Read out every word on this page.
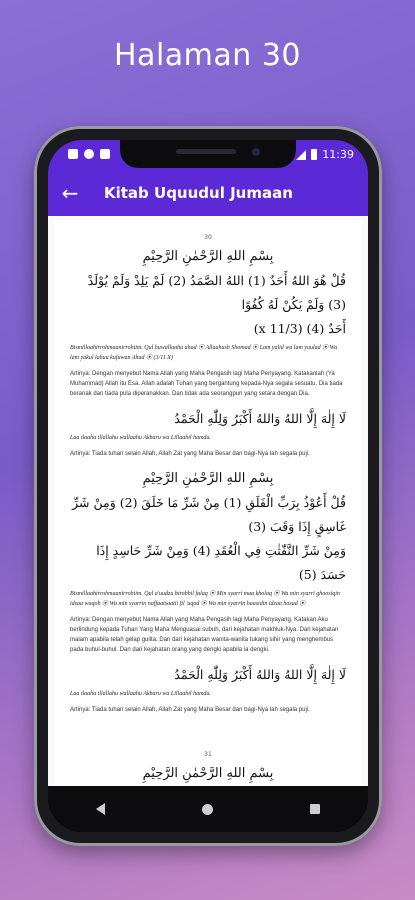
Halaman 30
11:39
←	Kitab Uquudul Jumaan
30
بِسْمِ اللهِ الرَّحْمٰنِ الرَّحِيْمِ
قُلْ هُوَ اللهُ أَحَدٌ (1) اللهُ الصَّمَدُ (2) لَمْ يَلِدْ وَلَمْ يُوْلَدْ (3) وَلَمْ يَكُنْ لَهُ كُفُوًا
أَحَدٌ (4) (x 11/3)
Bismillaahirrohmaanirrohiim. Qul huwallaahu ahad ⦿ Allaahush Shomad ⦿ Lam yalid wa lam yuulad ⦿ Wa lam yakul lahuu kufuwan Ahad ⦿ (3/11 X)
Artinya: Dengan menyebut Nama Allah yang Maha Pengasih lagi Maha Penyayang. Katakanlah (Ya Muhammad) Allah itu Esa. Allah adalah Tuhan yang bergantung kepada-Nya segala sesuatu. Dia tiada beranak dan tiada pula diperanakkan. Dan tidak ada seorangpun yang setara dengan Dia.
لَا إِلٰهَ إِلَّا اللهُ وَاللهُ أَكْبَرُ وَلِلّٰهِ الْحَمْدُ
Laa ilaaha illallahu wallaahu Akbaru wa Lillaahil hamdu.
Artinya: Tiada tuhan selain Allah, Allah Zat yang Maha Besar dan bagi-Nya lah segala puji.
بِسْمِ اللهِ الرَّحْمٰنِ الرَّحِيْمِ
قُلْ أَعُوْذُ بِرَبِّ الْفَلَقِ (1) مِنْ شَرِّ مَا خَلَقَ (2) وَمِنْ شَرِّ غَاسِقٍ إِذَا وَقَبَ (3)
وَمِنْ شَرِّ النَّفّٰثٰتِ فِي الْعُقَدِ (4) وَمِنْ شَرِّ حَاسِدٍ إِذَا حَسَدَ (5)
Bismillaahirrohmaanirrohiim. Qul a'uudzu birobbil falaq ⦿ Min syarri maa kholaq ⦿ Wa min syarri ghoosiqin idzaa waqob ⦿ Wa min syarrin naffaatsaatii fil 'uqod ⦿ Wa min syarrin haasidin idzaa hasad ⦿
Artinya: Dengan menyebut Nama Allah yang Maha Pengasih lagi Maha Penyayang. Katakan Aku berlindung kepada Tuhan Yang Maha Menguasai subuh, dari kejahatan makhluk-Nya. Dari kejahatan malam apabila telah gelap gulita. Dan dari kejahatan wanita-wanita tukang sihir yang menghembus pada buhul-buhul. Dan dari kejahatan orang yang dengki apabila ia dengki.
لَا إِلٰهَ إِلَّا اللهُ وَاللهُ أَكْبَرُ وَلِلّٰهِ الْحَمْدُ
Laa ilaaha illallahu wallaahu Akbaru wa Lillaahil hamdu.
Artinya: Tiada tuhan selain Allah, Allah Zat yang Maha Besar dan bagi-Nya lah segala puji.
31
بِسْمِ اللهِ الرَّحْمٰنِ الرَّحِيْمِ
